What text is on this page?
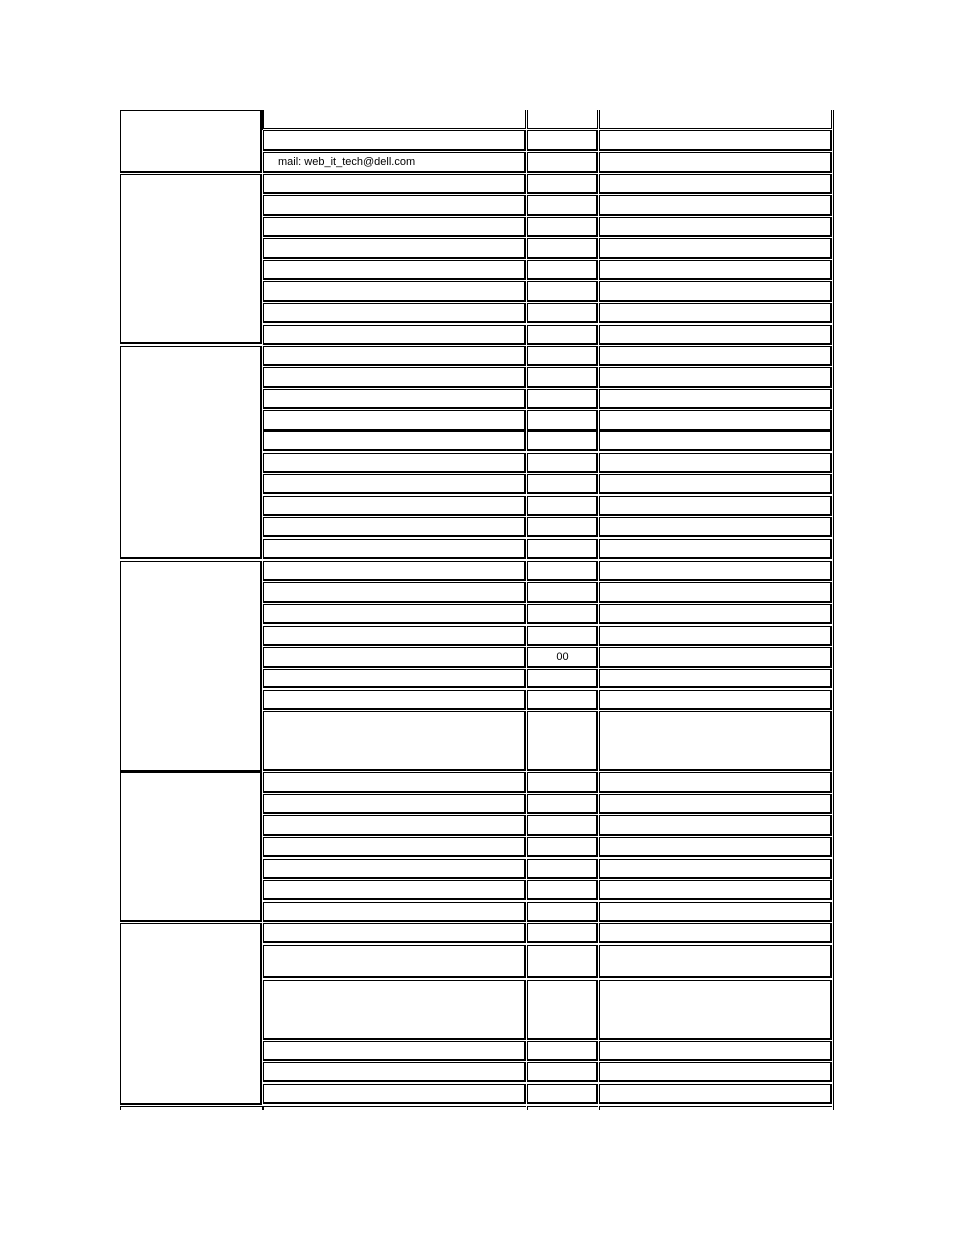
mail: web_it_tech@dell.com
00
